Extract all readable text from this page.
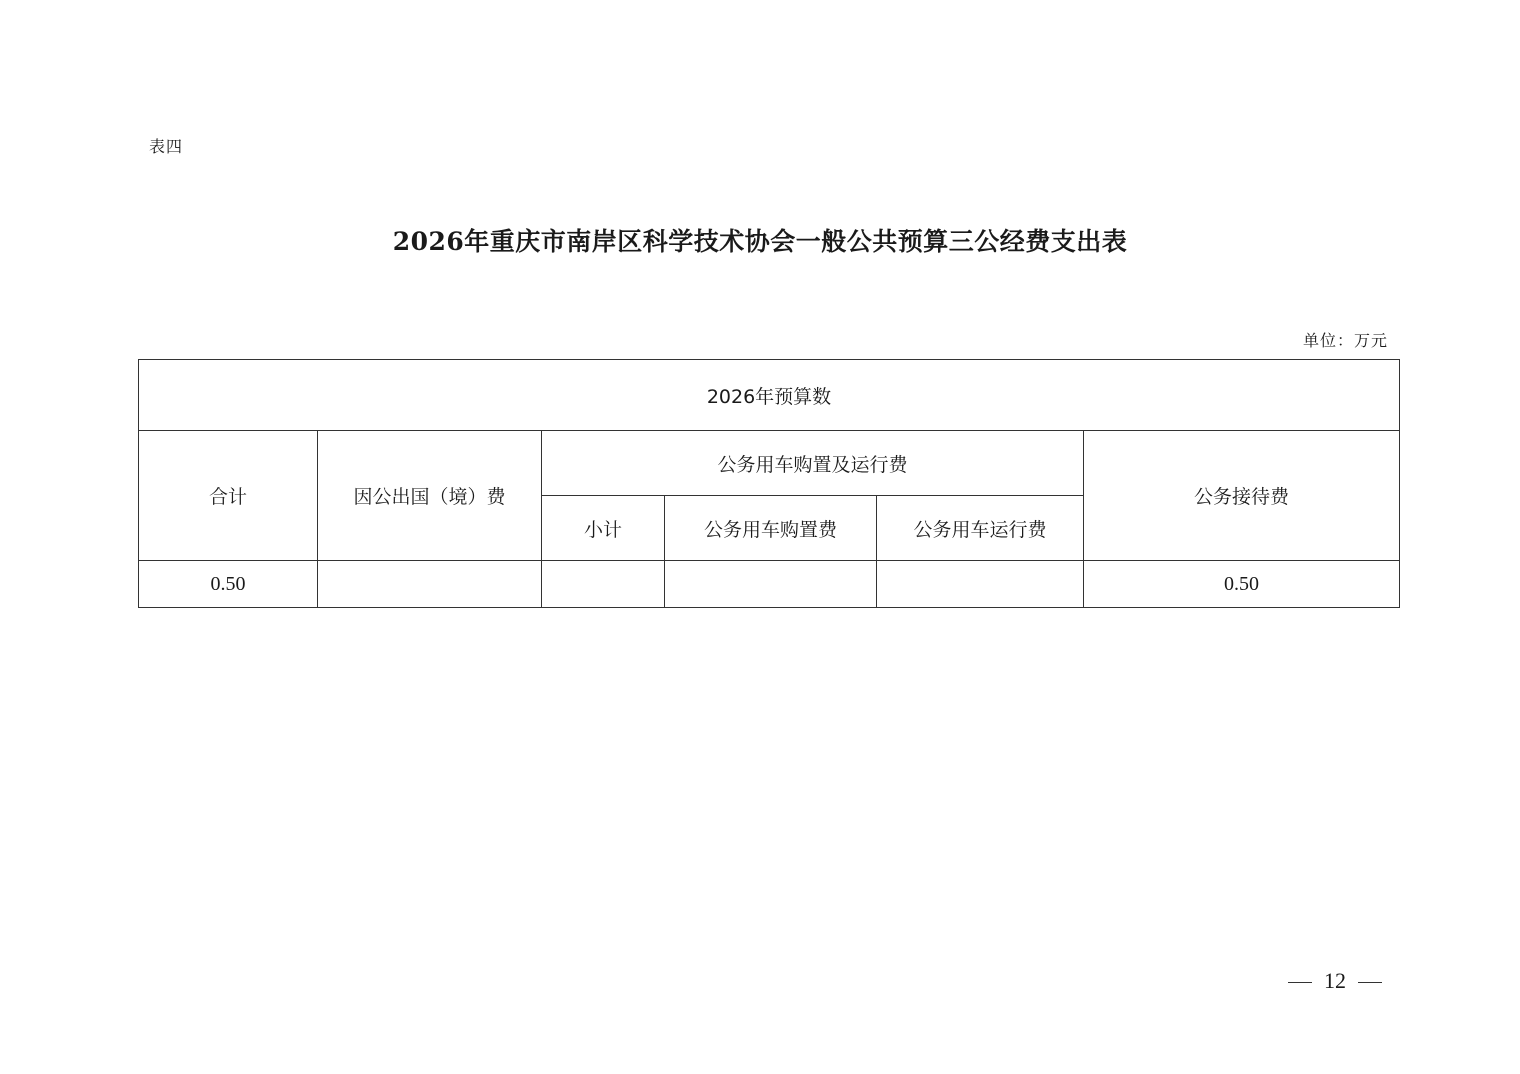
表四
2026年重庆市南岸区科学技术协会一般公共预算三公经费支出表
单位：万元
2026年预算数					
合计	因公出国（境）费	公务用车购置及运行费			公务接待费
		小计	公务用车购置费	公务用车运行费	
0.50					0.50
12
